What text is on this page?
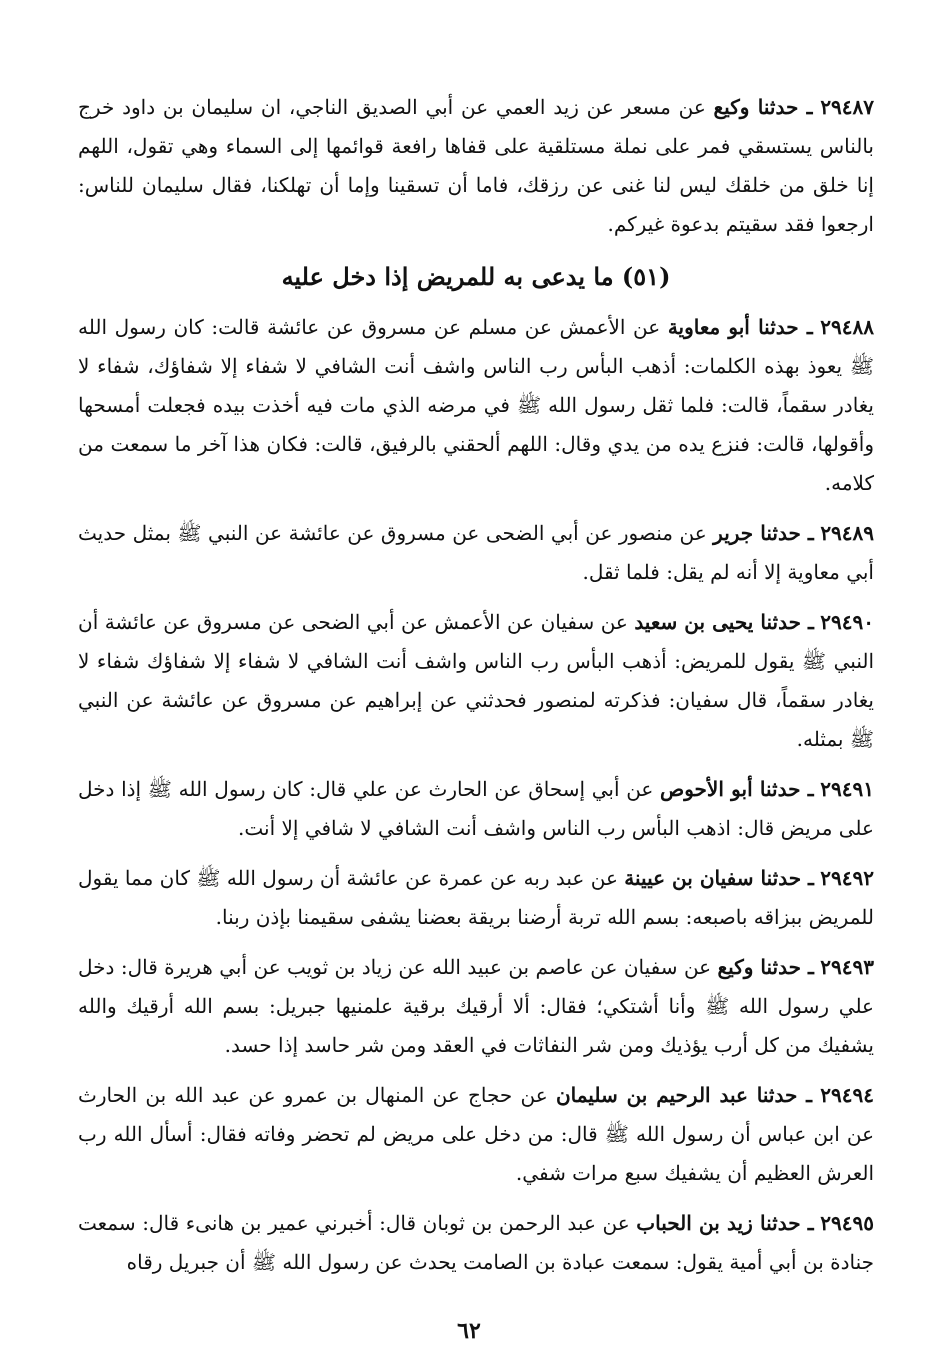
٢٩٤٨٧ ـ حدثنا وكيع عن مسعر عن زيد العمي عن أبي الصديق الناجي، ان سليمان بن داود خرج بالناس يستسقي فمر على نملة مستلقية على قفاها رافعة قوائمها إلى السماء وهي تقول، اللهم إنا خلق من خلقك ليس لنا غنى عن رزقك، فاما أن تسقينا وإما أن تهلكنا، فقال سليمان للناس: ارجعوا فقد سقيتم بدعوة غيركم.

(٥١) ما يدعى به للمريض إذا دخل عليه

٢٩٤٨٨ ـ حدثنا أبو معاوية عن الأعمش عن مسلم عن مسروق عن عائشة قالت: كان رسول الله ﷺ يعوذ بهذه الكلمات: أذهب البأس رب الناس واشف أنت الشافي لا شفاء إلا شفاؤك، شفاء لا يغادر سقماً، قالت: فلما ثقل رسول الله ﷺ في مرضه الذي مات فيه أخذت بيده فجعلت أمسحها وأقولها، قالت: فنزع يده من يدي وقال: اللهم ألحقني بالرفيق، قالت: فكان هذا آخر ما سمعت من كلامه.

٢٩٤٨٩ ـ حدثنا جرير عن منصور عن أبي الضحى عن مسروق عن عائشة عن النبي ﷺ بمثل حديث أبي معاوية إلا أنه لم يقل: فلما ثقل.

٢٩٤٩٠ ـ حدثنا يحيى بن سعيد عن سفيان عن الأعمش عن أبي الضحى عن مسروق عن عائشة أن النبي ﷺ يقول للمريض: أذهب البأس رب الناس واشف أنت الشافي لا شفاء إلا شفاؤك شفاء لا يغادر سقماً، قال سفيان: فذكرته لمنصور فحدثني عن إبراهيم عن مسروق عن عائشة عن النبي ﷺ بمثله.

٢٩٤٩١ ـ حدثنا أبو الأحوص عن أبي إسحاق عن الحارث عن علي قال: كان رسول الله ﷺ إذا دخل على مريض قال: اذهب البأس رب الناس واشف أنت الشافي لا شافي إلا أنت.

٢٩٤٩٢ ـ حدثنا سفيان بن عيينة عن عبد ربه عن عمرة عن عائشة أن رسول الله ﷺ كان مما يقول للمريض ببزاقه باصبعه: بسم الله تربة أرضنا بريقة بعضنا يشفى سقيمنا بإذن ربنا.

٢٩٤٩٣ ـ حدثنا وكيع عن سفيان عن عاصم بن عبيد الله عن زياد بن ثويب عن أبي هريرة قال: دخل علي رسول الله ﷺ وأنا أشتكي؛ فقال: ألا أرقيك برقية علمنيها جبريل: بسم الله أرقيك والله يشفيك من كل أرب يؤذيك ومن شر النفاثات في العقد ومن شر حاسد إذا حسد.

٢٩٤٩٤ ـ حدثنا عبد الرحيم بن سليمان عن حجاج عن المنهال بن عمرو عن عبد الله بن الحارث عن ابن عباس أن رسول الله ﷺ قال: من دخل على مريض لم تحضر وفاته فقال: أسأل الله رب العرش العظيم أن يشفيك سبع مرات شفي.

٢٩٤٩٥ ـ حدثنا زيد بن الحباب عن عبد الرحمن بن ثوبان قال: أخبرني عمير بن هانىء قال: سمعت جنادة بن أبي أمية يقول: سمعت عبادة بن الصامت يحدث عن رسول الله ﷺ أن جبريل رقاه

٦٢
